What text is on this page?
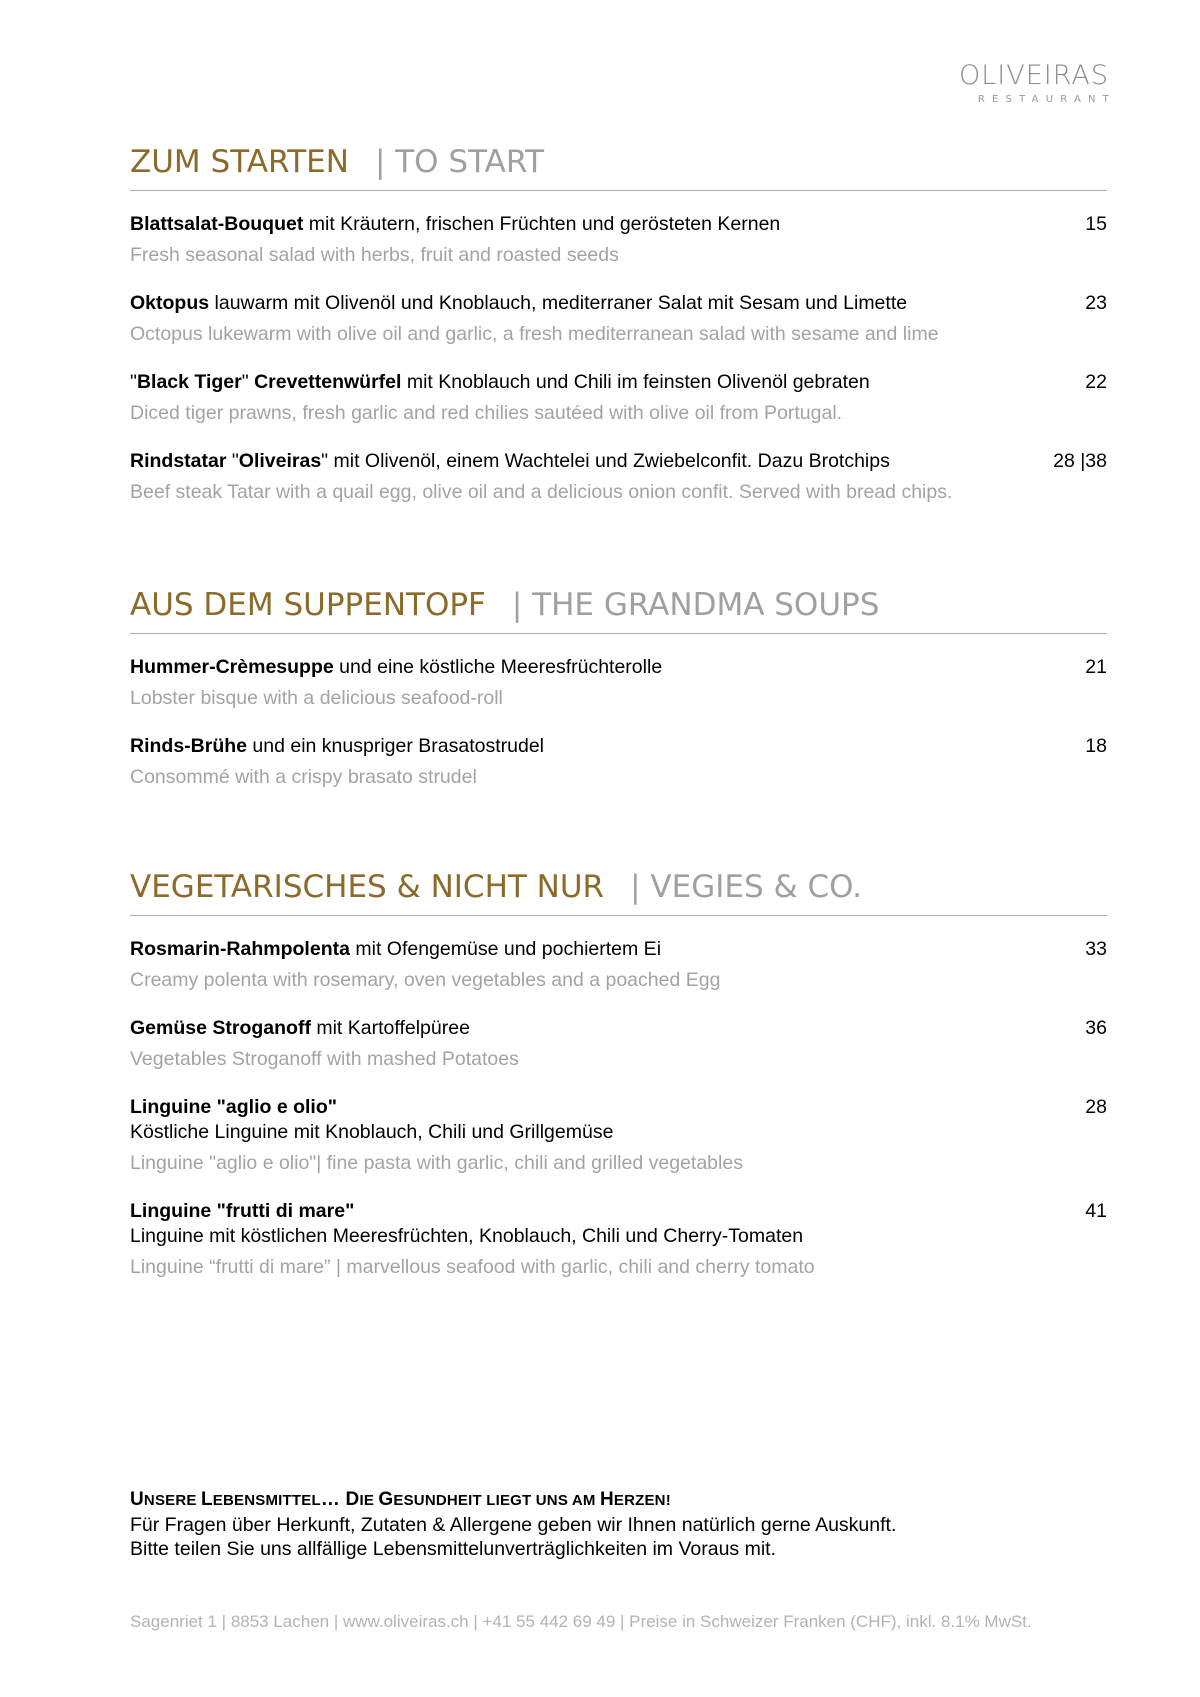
OLIVEIRAS
RESTAURANT
ZUM STARTEN | TO START
Blattsalat-Bouquet mit Kräutern, frischen Früchten und gerösteten Kernen
Fresh seasonal salad with herbs, fruit and roasted seeds
15
Oktopus lauwarm mit Olivenöl und Knoblauch, mediterraner Salat mit Sesam und Limette
Octopus lukewarm with olive oil and garlic, a fresh mediterranean salad with sesame and lime
23
"Black Tiger" Crevettenwürfel mit Knoblauch und Chili im feinsten Olivenöl gebraten
Diced tiger prawns, fresh garlic and red chilies sautéed with olive oil from Portugal.
22
Rindstatar "Oliveiras" mit Olivenöl, einem Wachtelei und Zwiebelconfit. Dazu Brotchips
Beef steak Tatar with a quail egg, olive oil and a delicious onion confit. Served with bread chips.
28 |38
AUS DEM SUPPENTOPF | THE GRANDMA SOUPS
Hummer-Crèmesuppe und eine köstliche Meeresfrüchterolle
Lobster bisque with a delicious seafood-roll
21
Rinds-Brühe und ein knuspriger Brasatostrudel
Consommé with a crispy brasato strudel
18
VEGETARISCHES & NICHT NUR | VEGIES & CO.
Rosmarin-Rahmpolenta mit Ofengemüse und pochiertem Ei
Creamy polenta with rosemary, oven vegetables and a poached Egg
33
Gemüse Stroganoff mit Kartoffelpüree
Vegetables Stroganoff with mashed Potatoes
36
Linguine "aglio e olio"
Köstliche Linguine mit Knoblauch, Chili und Grillgemüse
Linguine "aglio e olio"| fine pasta with garlic, chili and grilled vegetables
28
Linguine "frutti di mare"
Linguine mit köstlichen Meeresfrüchten, Knoblauch, Chili und Cherry-Tomaten
Linguine “frutti di mare” | marvellous seafood with garlic, chili and cherry tomato
41
UNSERE LEBENSMITTEL… DIE GESUNDHEIT LIEGT UNS AM HERZEN!
Für Fragen über Herkunft, Zutaten & Allergene geben wir Ihnen natürlich gerne Auskunft.
Bitte teilen Sie uns allfällige Lebensmittelunverträglichkeiten im Voraus mit.
Sagenriet 1 | 8853 Lachen | www.oliveiras.ch | +41 55 442 69 49 | Preise in Schweizer Franken (CHF), inkl. 8.1% MwSt.
